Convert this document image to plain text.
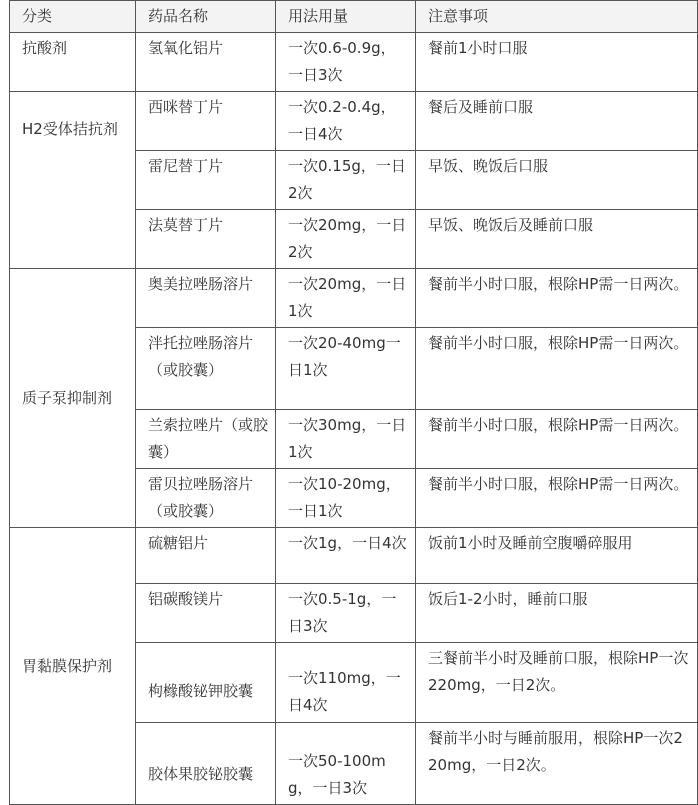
分类	药品名称	用法用量	注意事项
抗酸剂	氢氧化铝片	一次0.6-0.9g，一日3次	餐前1小时口服
H2受体拮抗剂	西咪替丁片	一次0.2-0.4g，一日4次	餐后及睡前口服
	雷尼替丁片	一次0.15g，一日2次	早饭、晚饭后口服
	法莫替丁片	一次20mg，一日2次	早饭、晚饭后及睡前口服
质子泵抑制剂	奥美拉唑肠溶片	一次20mg，一日1次	餐前半小时口服，根除HP需一日两次。
	泮托拉唑肠溶片（或胶囊）	一次20-40mg一日1次	餐前半小时口服，根除HP需一日两次。
	兰索拉唑片（或胶囊）	一次30mg，一日1次	餐前半小时口服，根除HP需一日两次。
	雷贝拉唑肠溶片（或胶囊）	一次10-20mg，一日1次	餐前半小时口服，根除HP需一日两次。
胃黏膜保护剂	硫糖铝片	一次1g，一日4次	饭前1小时及睡前空腹嚼碎服用
	铝碳酸镁片	一次0.5-1g，一日3次	饭后1-2小时，睡前口服
	枸橼酸铋钾胶囊	一次110mg，一日4次	三餐前半小时及睡前口服，根除HP一次220mg，一日2次。
	胶体果胶铋胶囊	一次50-100mg，一日3次	餐前半小时与睡前服用，根除HP一次220mg，一日2次。
